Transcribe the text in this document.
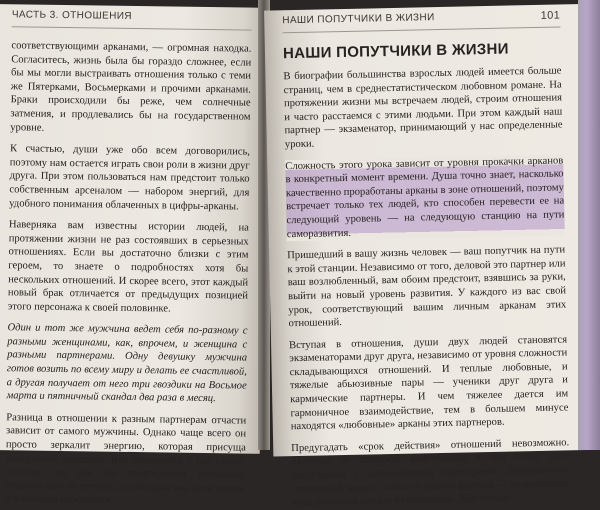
ЧАСТЬ 3. ОТНОШЕНИЯ

соответствующими арканами, — огромная находка. Согласитесь, жизнь была бы гораздо сложнее, если бы мы могли выстраивать отношения только с теми же Пятерками, Восьмерками и прочими арканами. Браки происходили бы реже, чем солнечные затмения, и продлевались бы на государственном уровне.

К счастью, души уже обо всем договорились, поэтому нам остается играть свои роли в жизни друг друга. При этом пользоваться нам предстоит только собственным арсеналом — набором энергий, для удобного понимания облаченных в цифры-арканы.

Наверняка вам известны истории людей, на протяжении жизни не раз состоявших в серьезных отношениях. Если вы достаточно близки с этим героем, то знаете о подробностях хотя бы нескольких отношений. И скорее всего, этот каждый новый брак отличается от предыдущих позицией этого персонажа к своей половинке.

Один и тот же мужчина ведет себя по-разному с разными женщинами, как, впрочем, и женщина с разными партнерами. Одну девушку мужчина готов возить по всему миру и делать ее счастливой, а другая получает от него три гвоздики на Восьмое марта и пятничный скандал два раза в месяц.

Разница в отношении к разным партнерам отчасти зависит от самого мужчины. Однако чаще всего он просто зеркалит энергию, которая присуща конкретной женщине. Все начинается с нас самих, поэтому мы как бы провоцируем половинку отдавать нам те ресурсы, на которые мы сами живем и в которых нуждаемся.

НАШИ ПОПУТЧИКИ В ЖИЗНИ	101
НАШИ ПОПУТЧИКИ В ЖИЗНИ

В биографии большинства взрослых людей имеется больше страниц, чем в среднестатистическом любовном романе. На протяжении жизни мы встречаем людей, строим отношения и часто расстаемся с этими людьми. При этом каждый наш партнер — экзаменатор, принимающий у нас определенные уроки.

Сложность этого урока зависит от уровня прокачки арканов в конкретный момент времени. Душа точно знает, насколько качественно проработаны арканы в зоне отношений, поэтому встречает только тех людей, кто способен перевести ее на следующий уровень — на следующую станцию на пути саморазвития.

Пришедший в вашу жизнь человек — ваш попутчик на пути к этой станции. Независимо от того, деловой это партнер или ваш возлюбленный, вам обоим предстоит, взявшись за руки, выйти на новый уровень развития. У каждого из вас свой урок, соответствующий вашим личным арканам этих отношений.

Вступая в отношения, души двух людей становятся экзаменаторами друг друга, независимо от уровня сложности складывающихся отношений. И теплые любовные, и тяжелые абьюзивные пары — ученики друг друга и кармические партнеры. И чем тяжелее дается им гармоничное взаимодействие, тем в большем минусе находятся «любовные» арканы этих партнеров.

Предугадать «срок действия» отношений невозможно. Матрица не содержит информации и тем более даты расставания с кармическими партнерами. Длительность отношений зависит лишь от одного фактора — направления, куда движется каждая из половинок. Как только
